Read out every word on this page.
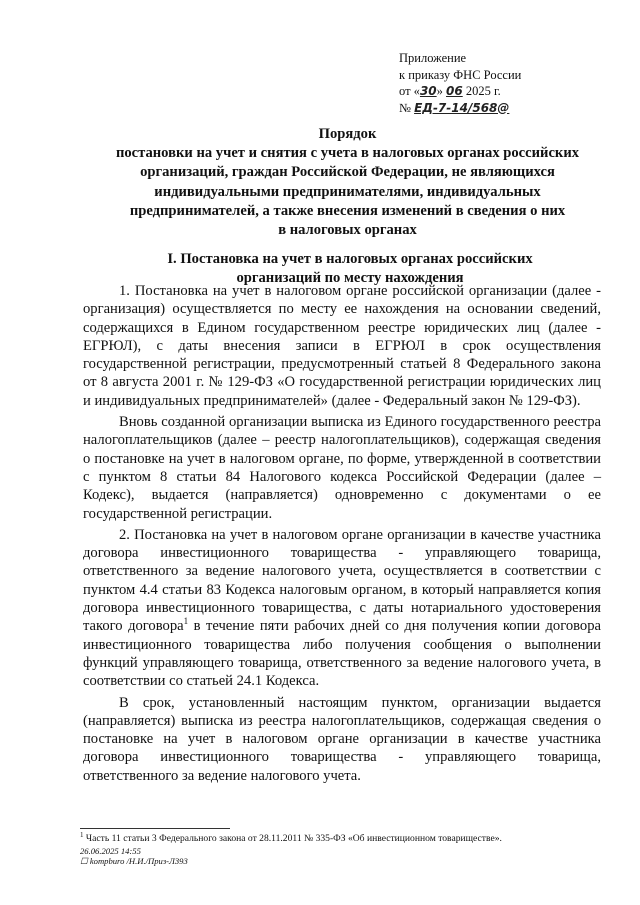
Приложение
к приказу ФНС России
от «30» 06 2025 г.
№ ЕД-7-14/568@
Порядок
постановки на учет и снятия с учета в налоговых органах российских
организаций, граждан Российской Федерации, не являющихся
индивидуальными предпринимателями, индивидуальных
предпринимателей, а также внесения изменений в сведения о них
в налоговых органах
I. Постановка на учет в налоговых органах российских
организаций по месту нахождения

1. Постановка на учет в налоговом органе российской организации (далее - организация) осуществляется по месту ее нахождения на основании сведений, содержащихся в Едином государственном реестре юридических лиц (далее - ЕГРЮЛ), с даты внесения записи в ЕГРЮЛ в срок осуществления государственной регистрации, предусмотренный статьей 8 Федерального закона от 8 августа 2001 г. № 129-ФЗ «О государственной регистрации юридических лиц и индивидуальных предпринимателей» (далее - Федеральный закон № 129-ФЗ).

Вновь созданной организации выписка из Единого государственного реестра налогоплательщиков (далее – реестр налогоплательщиков), содержащая сведения о постановке на учет в налоговом органе, по форме, утвержденной в соответствии с пунктом 8 статьи 84 Налогового кодекса Российской Федерации (далее – Кодекс), выдается (направляется) одновременно с документами о ее государственной регистрации.

2. Постановка на учет в налоговом органе организации в качестве участника договора инвестиционного товарищества - управляющего товарища, ответственного за ведение налогового учета, осуществляется в соответствии с пунктом 4.4 статьи 83 Кодекса налоговым органом, в который направляется копия договора инвестиционного товарищества, с даты нотариального удостоверения такого договора$^1$ в течение пяти рабочих дней со дня получения копии договора инвестиционного товарищества либо получения сообщения о выполнении функций управляющего товарища, ответственного за ведение налогового учета, в соответствии со статьей 24.1 Кодекса.

В срок, установленный настоящим пунктом, организации выдается (направляется) выписка из реестра налогоплательщиков, содержащая сведения о постановке на учет в налоговом органе организации в качестве участника договора инвестиционного товарищества - управляющего товарища, ответственного за ведение налогового учета.

$^1$ Часть 11 статьи 3 Федерального закона от 28.11.2011 № 335-ФЗ «Об инвестиционном товариществе».
26.06.2025 14:55
☐ kompburo /Н.И./Приз-Л393
